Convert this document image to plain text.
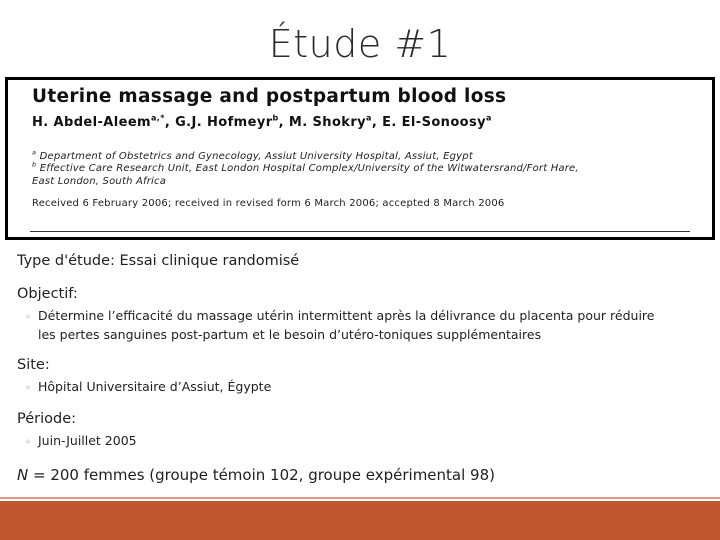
Étude #1
Uterine massage and postpartum blood loss
H. Abdel-Aleem$^{a,*}$, G.J. Hofmeyr$^b$, M. Shokry$^a$, E. El-Sonoosy$^a$
$^a$ Department of Obstetrics and Gynecology, Assiut University Hospital, Assiut, Egypt
$^b$ Effective Care Research Unit, East London Hospital Complex/University of the Witwatersrand/Fort Hare,
East London, South Africa
Received 6 February 2006; received in revised form 6 March 2006; accepted 8 March 2006
Type d'étude: Essai clinique randomisé
Objectif:
◦ Détermine l’efficacité du massage utérin intermittent après la délivrance du placenta pour réduire
les pertes sanguines post-partum et le besoin d’utéro-toniques supplémentaires
Site:
◦ Hôpital Universitaire d’Assiut, Égypte
Période:
◦ Juin-Juillet 2005
N = 200 femmes (groupe témoin 102, groupe expérimental 98)
